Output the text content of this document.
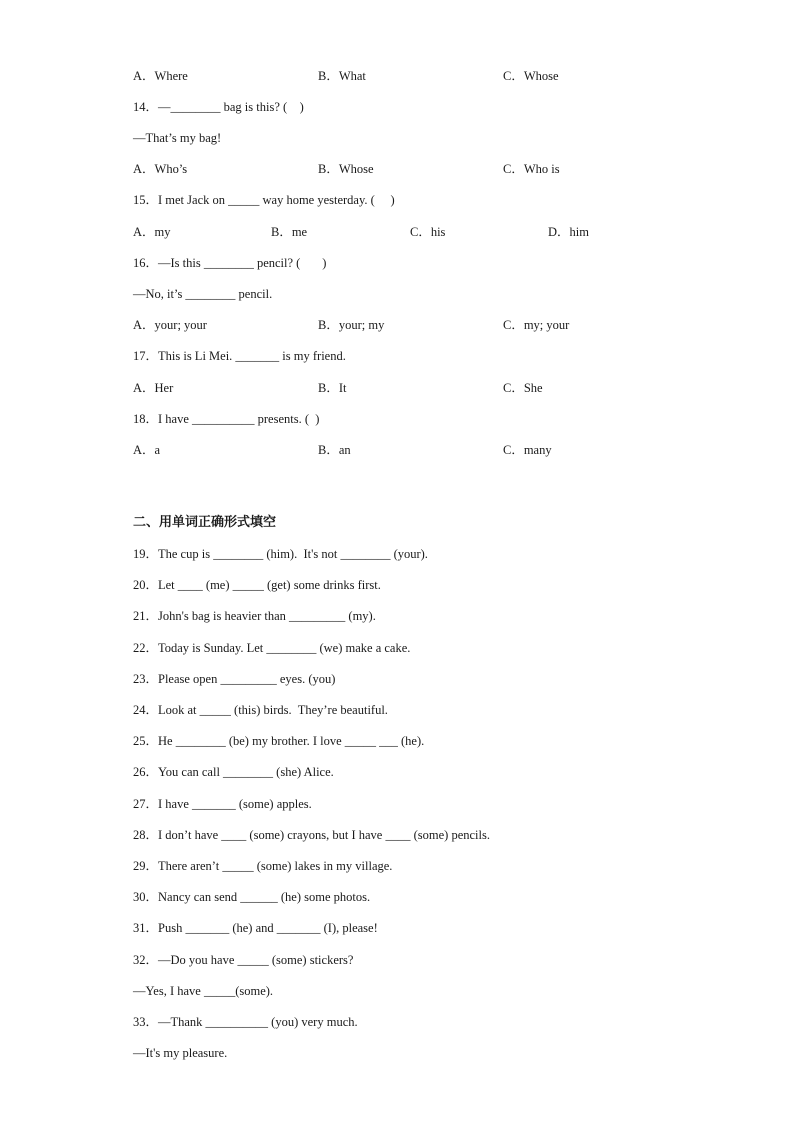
A．Where	B．What	C．Whose
14．—________ bag is this? (    )
—That’s my bag!
A．Who’s	B．Whose	C．Who is
15．I met Jack on _____ way home yesterday. (     )
A．my	B．me	C．his	D．him
16．—Is this ________ pencil? (       )
—No, it’s ________ pencil.
A．your; your	B．your; my	C．my; your
17．This is Li Mei. _______ is my friend.
A．Her	B．It	C．She
18．I have __________ presents. (  )
A．a	B．an	C．many
二、用单词正确形式填空
19．The cup is ________ (him).  It's not ________ (your).
20．Let ____ (me) _____ (get) some drinks first.
21．John's bag is heavier than _________ (my).
22．Today is Sunday. Let ________ (we) make a cake.
23．Please open _________ eyes. (you)
24．Look at _____ (this) birds.  They’re beautiful.
25．He ________ (be) my brother. I love _____ ___ (he).
26．You can call ________ (she) Alice.
27．I have _______ (some) apples.
28．I don’t have ____ (some) crayons, but I have ____ (some) pencils.
29．There aren’t _____ (some) lakes in my village.
30．Nancy can send ______ (he) some photos.
31．Push _______ (he) and _______ (I), please!
32．—Do you have _____ (some) stickers?
—Yes, I have _____(some).
33．—Thank __________ (you) very much.
—It's my pleasure.
